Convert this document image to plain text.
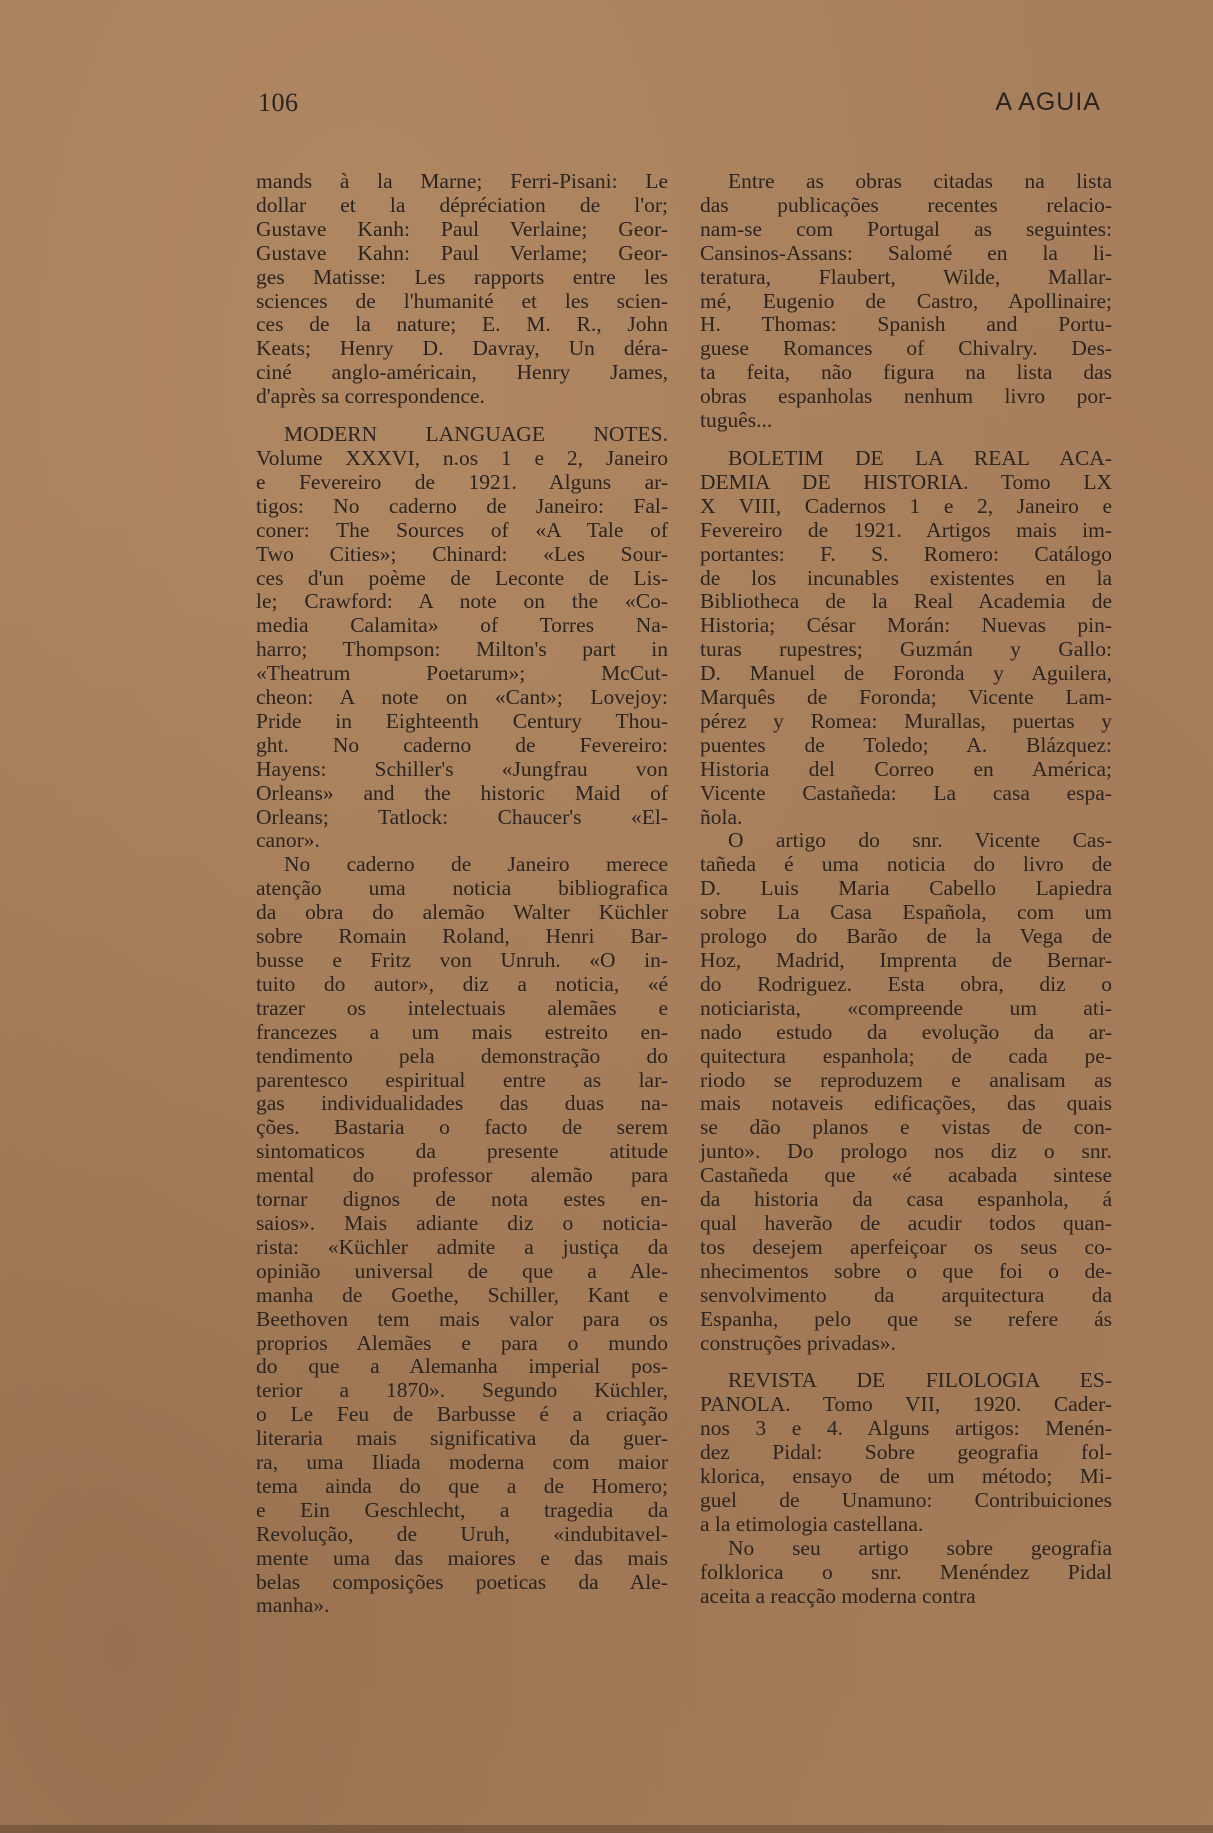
106	A AGUIA

mands à la Marne; Ferri-Pisani: Le
dollar et la dépréciation de l'or;
Gustave Kanh: Paul Verlaine; Geor-
Gustave Kahn: Paul Verlame; Geor-
ges Matisse: Les rapports entre les
sciences de l'humanité et les scien-
ces de la nature; E. M. R., John
Keats; Henry D. Davray, Un déra-
ciné anglo-américain, Henry James,
d'après sa correspondence.

MODERN LANGUAGE NOTES.
Volume XXXVI, n.os 1 e 2, Janeiro
e Fevereiro de 1921. Alguns ar-
tigos: No caderno de Janeiro: Fal-
coner: The Sources of «A Tale of
Two Cities»; Chinard: «Les Sour-
ces d'un poème de Leconte de Lis-
le; Crawford: A note on the «Co-
media Calamita» of Torres Na-
harro; Thompson: Milton's part in
«Theatrum Poetarum»; McCut-
cheon: A note on «Cant»; Lovejoy:
Pride in Eighteenth Century Thou-
ght. No caderno de Fevereiro:
Hayens: Schiller's «Jungfrau von
Orleans» and the historic Maid of
Orleans; Tatlock: Chaucer's «El-
canor».

No caderno de Janeiro merece
atenção uma noticia bibliografica
da obra do alemão Walter Küchler
sobre Romain Roland, Henri Bar-
busse e Fritz von Unruh. «O in-
tuito do autor», diz a noticia, «é
trazer os intelectuais alemães e
francezes a um mais estreito en-
tendimento pela demonstração do
parentesco espiritual entre as lar-
gas individualidades das duas na-
ções. Bastaria o facto de serem
sintomaticos da presente atitude
mental do professor alemão para
tornar dignos de nota estes en-
saios». Mais adiante diz o noticia-
rista: «Küchler admite a justiça da
opinião universal de que a Ale-
manha de Goethe, Schiller, Kant e
Beethoven tem mais valor para os
proprios Alemães e para o mundo
do que a Alemanha imperial pos-
terior a 1870». Segundo Küchler,
o Le Feu de Barbusse é a criação
literaria mais significativa da guer-
ra, uma Iliada moderna com maior
tema ainda do que a de Homero;
e Ein Geschlecht, a tragedia da
Revolução, de Uruh, «indubitavel-
mente uma das maiores e das mais
belas composições poeticas da Ale-
manha».

Entre as obras citadas na lista
das publicações recentes relacio-
nam-se com Portugal as seguintes:
Cansinos-Assans: Salomé en la li-
teratura, Flaubert, Wilde, Mallar-
mé, Eugenio de Castro, Apollinaire;
H. Thomas: Spanish and Portu-
guese Romances of Chivalry. Des-
ta feita, não figura na lista das
obras espanholas nenhum livro por-
tuguês...

BOLETIM DE LA REAL ACA-
DEMIA DE HISTORIA. Tomo LX
X VIII, Cadernos 1 e 2, Janeiro e
Fevereiro de 1921. Artigos mais im-
portantes: F. S. Romero: Catálogo
de los incunables existentes en la
Bibliotheca de la Real Academia de
Historia; César Morán: Nuevas pin-
turas rupestres; Guzmán y Gallo:
D. Manuel de Foronda y Aguilera,
Marquês de Foronda; Vicente Lam-
pérez y Romea: Murallas, puertas y
puentes de Toledo; A. Blázquez:
Historia del Correo en América;
Vicente Castañeda: La casa espa-
ñola.

O artigo do snr. Vicente Cas-
tañeda é uma noticia do livro de
D. Luis Maria Cabello Lapiedra
sobre La Casa Española, com um
prologo do Barão de la Vega de
Hoz, Madrid, Imprenta de Bernar-
do Rodriguez. Esta obra, diz o
noticiarista, «compreende um ati-
nado estudo da evolução da ar-
quitectura espanhola; de cada pe-
riodo se reproduzem e analisam as
mais notaveis edificações, das quais
se dão planos e vistas de con-
junto». Do prologo nos diz o snr.
Castañeda que «é acabada sintese
da historia da casa espanhola, á
qual haverão de acudir todos quan-
tos desejem aperfeiçoar os seus co-
nhecimentos sobre o que foi o de-
senvolvimento da arquitectura da
Espanha, pelo que se refere ás
construções privadas».

REVISTA DE FILOLOGIA ES-
PANOLA. Tomo VII, 1920. Cader-
nos 3 e 4. Alguns artigos: Menén-
dez Pidal: Sobre geografia fol-
klorica, ensayo de um método; Mi-
guel de Unamuno: Contribuiciones
a la etimologia castellana.

No seu artigo sobre geografia
folklorica o snr. Menéndez Pidal
aceita a reacção moderna contra
